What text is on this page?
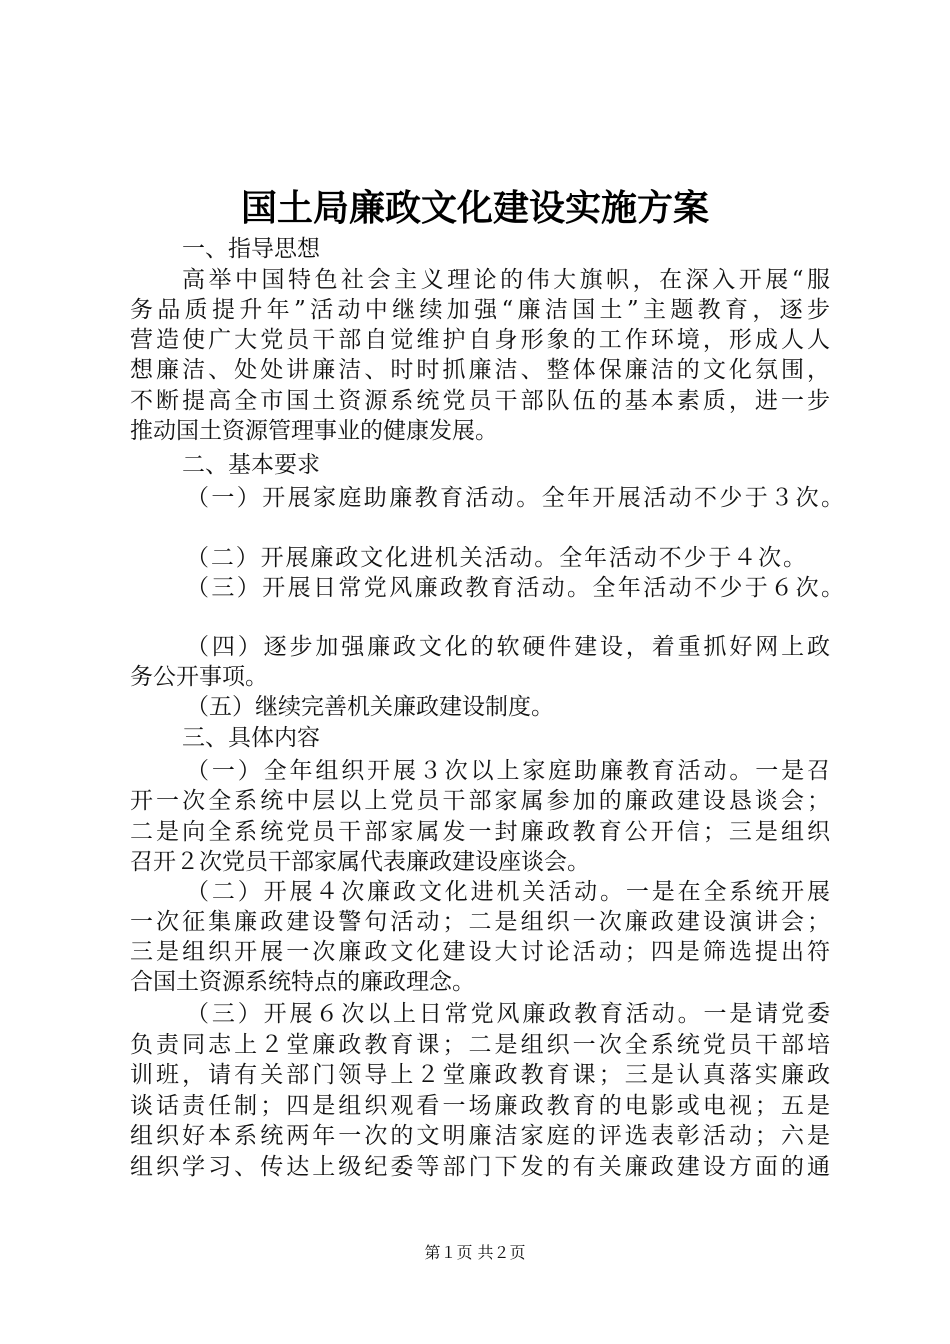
国土局廉政文化建设实施方案
一、指导思想
高举中国特色社会主义理论的伟大旗帜，在深入开展“服
务品质提升年”活动中继续加强“廉洁国土”主题教育，逐步
营造使广大党员干部自觉维护自身形象的工作环境，形成人人
想廉洁、处处讲廉洁、时时抓廉洁、整体保廉洁的文化氛围，
不断提高全市国土资源系统党员干部队伍的基本素质，进一步
推动国土资源管理事业的健康发展。
二、基本要求
（一）开展家庭助廉教育活动。全年开展活动不少于３次。
（二）开展廉政文化进机关活动。全年活动不少于４次。
（三）开展日常党风廉政教育活动。全年活动不少于６次。
（四）逐步加强廉政文化的软硬件建设，着重抓好网上政
务公开事项。
（五）继续完善机关廉政建设制度。
三、具体内容
（一）全年组织开展３次以上家庭助廉教育活动。一是召
开一次全系统中层以上党员干部家属参加的廉政建设恳谈会；
二是向全系统党员干部家属发一封廉政教育公开信；三是组织
召开２次党员干部家属代表廉政建设座谈会。
（二）开展４次廉政文化进机关活动。一是在全系统开展
一次征集廉政建设警句活动；二是组织一次廉政建设演讲会；
三是组织开展一次廉政文化建设大讨论活动；四是筛选提出符
合国土资源系统特点的廉政理念。
（三）开展６次以上日常党风廉政教育活动。一是请党委
负责同志上２堂廉政教育课；二是组织一次全系统党员干部培
训班，请有关部门领导上２堂廉政教育课；三是认真落实廉政
谈话责任制；四是组织观看一场廉政教育的电影或电视；五是
组织好本系统两年一次的文明廉洁家庭的评选表彰活动；六是
组织学习、传达上级纪委等部门下发的有关廉政建设方面的通
第１页 共２页
